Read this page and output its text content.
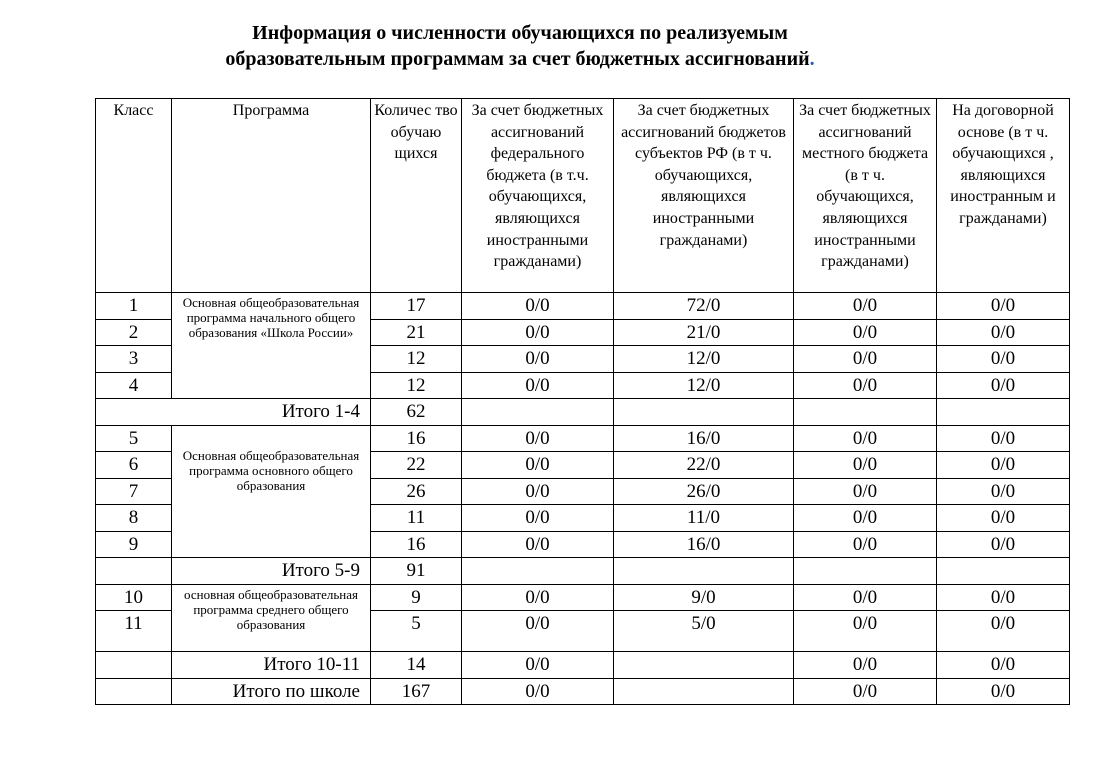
Информация о численности обучающихся по реализуемым
образовательным программам за счет бюджетных ассигнований.
Класс	Программа	Количес тво обучаю щихся	За счет бюджетных ассигнований федерального бюджета (в т.ч. обучающихся, являющихся иностранными гражданами)	За счет бюджетных ассигнований бюджетов субъектов РФ (в т ч. обучающихся, являющихся иностранными гражданами)	За счет бюджетных ассигнований местного бюджета (в т ч. обучающихся, являющихся иностранными гражданами)	На договорной основе (в т ч. обучающихся , являющихся иностранным и гражданами)
1	Основная общеобразовательная программа начального общего образования «Школа России»	17	0/0	72/0	0/0	0/0
2		21	0/0	21/0	0/0	0/0
3		12	0/0	12/0	0/0	0/0
4		12	0/0	12/0	0/0	0/0
Итого 1-4		62				
5	Основная общеобразовательная программа основного общего образования	16	0/0	16/0	0/0	0/0
6		22	0/0	22/0	0/0	0/0
7		26	0/0	26/0	0/0	0/0
8		11	0/0	11/0	0/0	0/0
9		16	0/0	16/0	0/0	0/0
	Итого 5-9	91				
10	основная общеобразовательная программа среднего общего образования	9	0/0	9/0	0/0	0/0
11		5	0/0	5/0	0/0	0/0
	Итого 10-11	14	0/0		0/0	0/0
	Итого по школе	167	0/0		0/0	0/0
